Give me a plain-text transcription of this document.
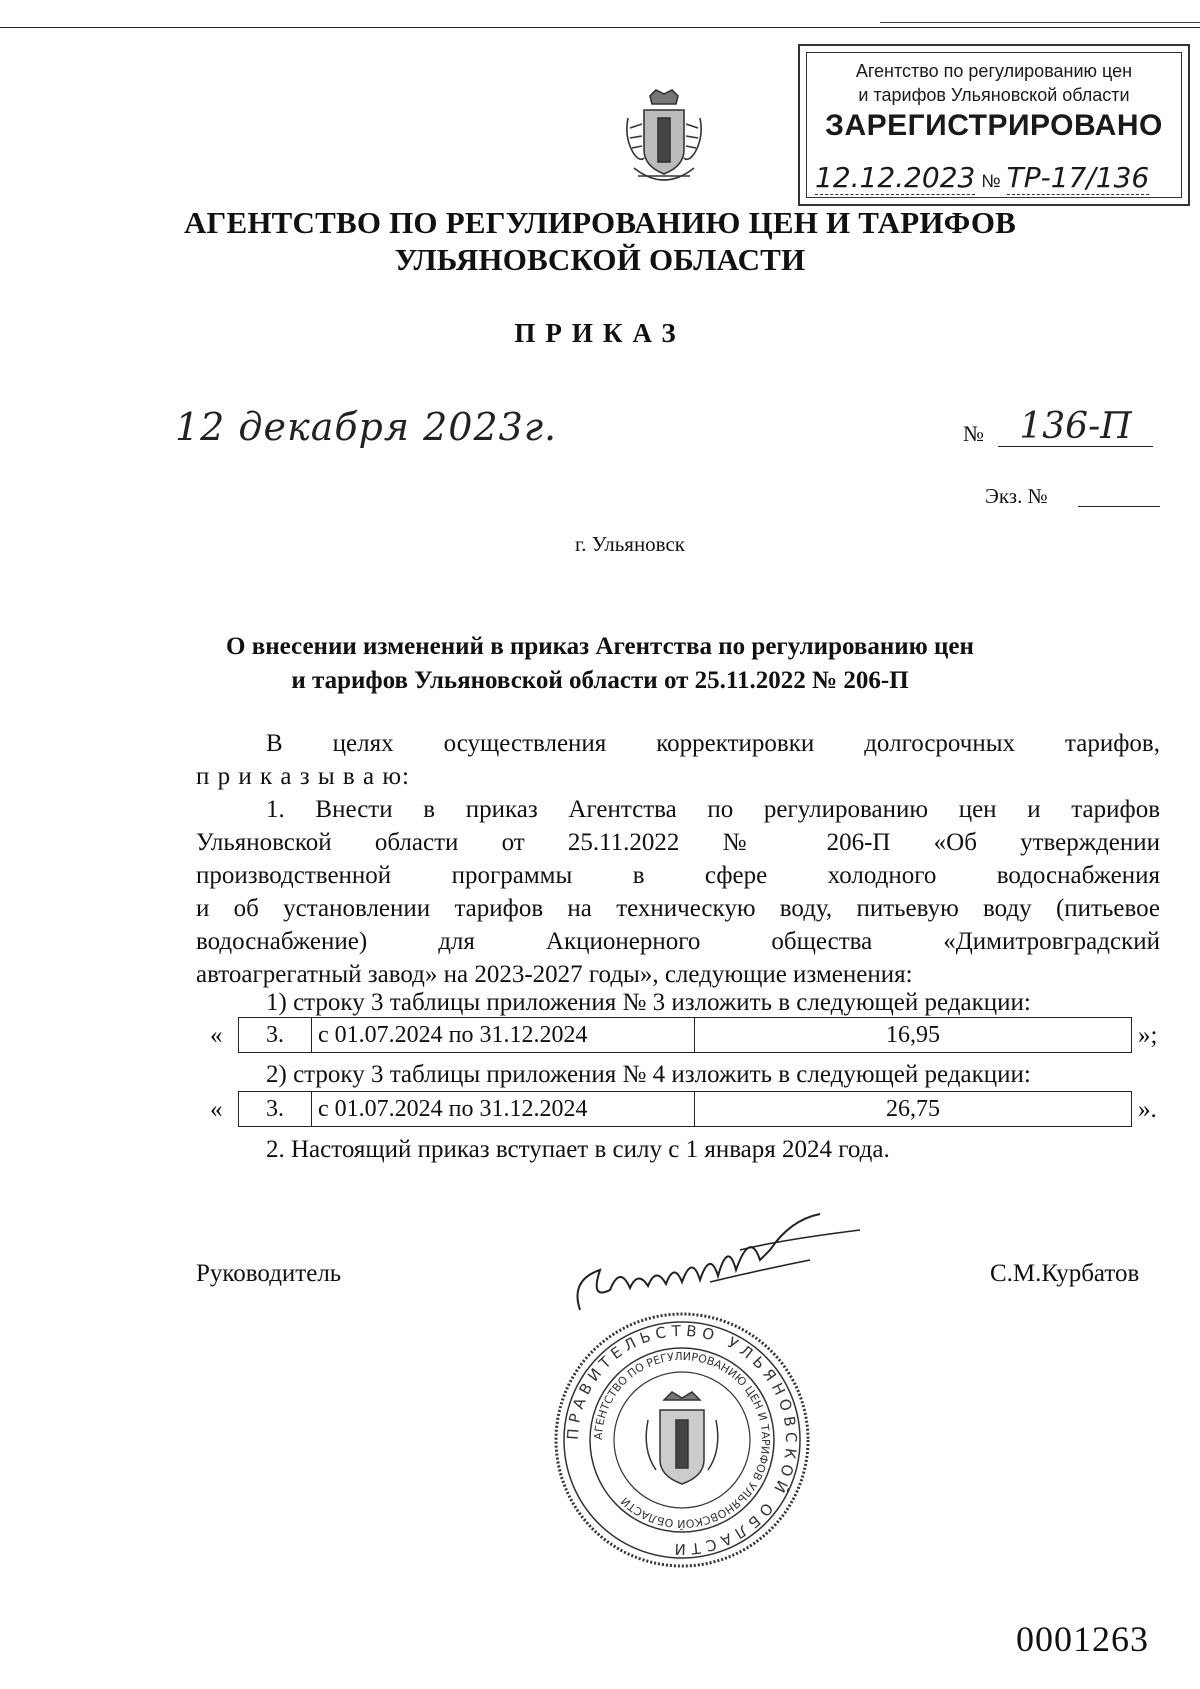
Агентство по регулированию цен
и тарифов Ульяновской области
ЗАРЕГИСТРИРОВАНО
12.12.2023 № ТР-17/136
АГЕНТСТВО ПО РЕГУЛИРОВАНИЮ ЦЕН И ТАРИФОВ
УЛЬЯНОВСКОЙ ОБЛАСТИ
ПРИКАЗ
12 декабря 2023г.	№ 136-П
Экз. №
г. Ульяновск
О внесении изменений в приказ Агентства по регулированию цен
и тарифов Ульяновской области от 25.11.2022 № 206-П
В целях осуществления корректировки долгосрочных тарифов,
п р и к а з ы в а ю:
1. Внести в приказ Агентства по регулированию цен и тарифов
Ульяновской области от 25.11.2022 № 206-П «Об утверждении
производственной программы в сфере холодного водоснабжения
и об установлении тарифов на техническую воду, питьевую воду (питьевое
водоснабжение) для Акционерного общества «Димитровградский
автоагрегатный завод» на 2023-2027 годы», следующие изменения:
1) строку 3 таблицы приложения № 3 изложить в следующей редакции:
« 3.	с 01.07.2024 по 31.12.2024	16,95	»;
2) строку 3 таблицы приложения № 4 изложить в следующей редакции:
« 3.	с 01.07.2024 по 31.12.2024	26,75	».
2. Настоящий приказ вступает в силу с 1 января 2024 года.
Руководитель	С.М.Курбатов
ПРАВИТЕЛЬСТВО УЛЬЯНОВСКОЙ ОБЛАСТИ
АГЕНТСТВО ПО РЕГУЛИРОВАНИЮ ЦЕН И ТАРИФОВ УЛЬЯНОВСКОЙ ОБЛАСТИ
0001263
